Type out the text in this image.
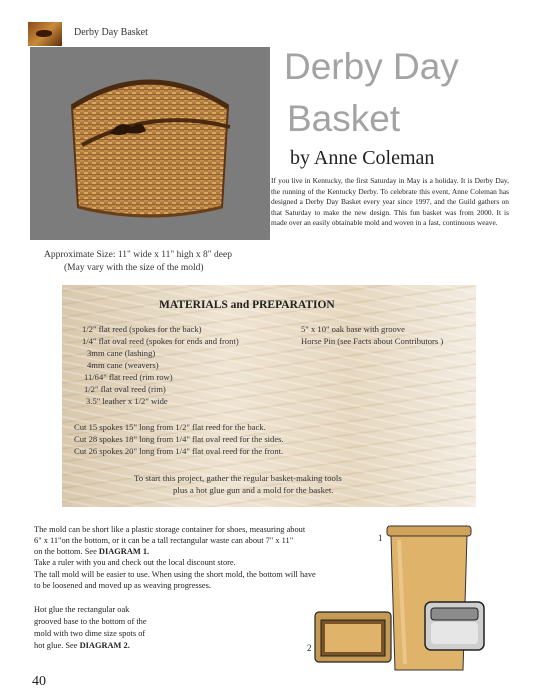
Derby Day Basket
Derby Day
Basket
by Anne Coleman
If you live in Kentucky, the first Saturday in May is a holiday. It is Derby Day, the running of the Kentucky Derby. To celebrate this event, Anne Coleman has designed a Derby Day Basket every year since 1997, and the Guild gathers on that Saturday to make the new design. This fun basket was from 2000. It is made over an easily obtainable mold and woven in a fast, continuous weave.
Approximate Size: 11" wide x 11" high x 8" deep
(May vary with the size of the mold)
MATERIALS and PREPARATION
1/2" flat reed (spokes for the back)
1/4" flat oval reed (spokes for ends and front)
3mm cane (lashing)
4mm cane (weavers)
11/64" flat reed (rim row)
1/2" flat oval reed (rim)
3.5" leather x 1/2" wide
5" x 10" oak base with groove
Horse Pin (see Facts about Contributors )
Cut 15 spokes 15" long from 1/2" flat reed for the back.
Cut 28 spokes 18" long from 1/4" flat oval reed for the sides.
Cut 26 spokes 20" long from 1/4" flat oval reed for the front.
To start this project, gather the regular basket-making tools
plus a hot glue gun and a mold for the basket.
The mold can be short like a plastic storage container for shoes, measuring about
6" x 11"on the bottom, or it can be a tall rectangular waste can about 7" x 11"
on the bottom. See DIAGRAM 1.
Take a ruler with you and check out the local discount store.
The tall mold will be easier to use. When using the short mold, the bottom will have
to be loosened and moved up as weaving progresses.
Hot glue the rectangular oak
grooved base to the bottom of the
mold with two dime size spots of
hot glue. See DIAGRAM 2.
1
2
40
